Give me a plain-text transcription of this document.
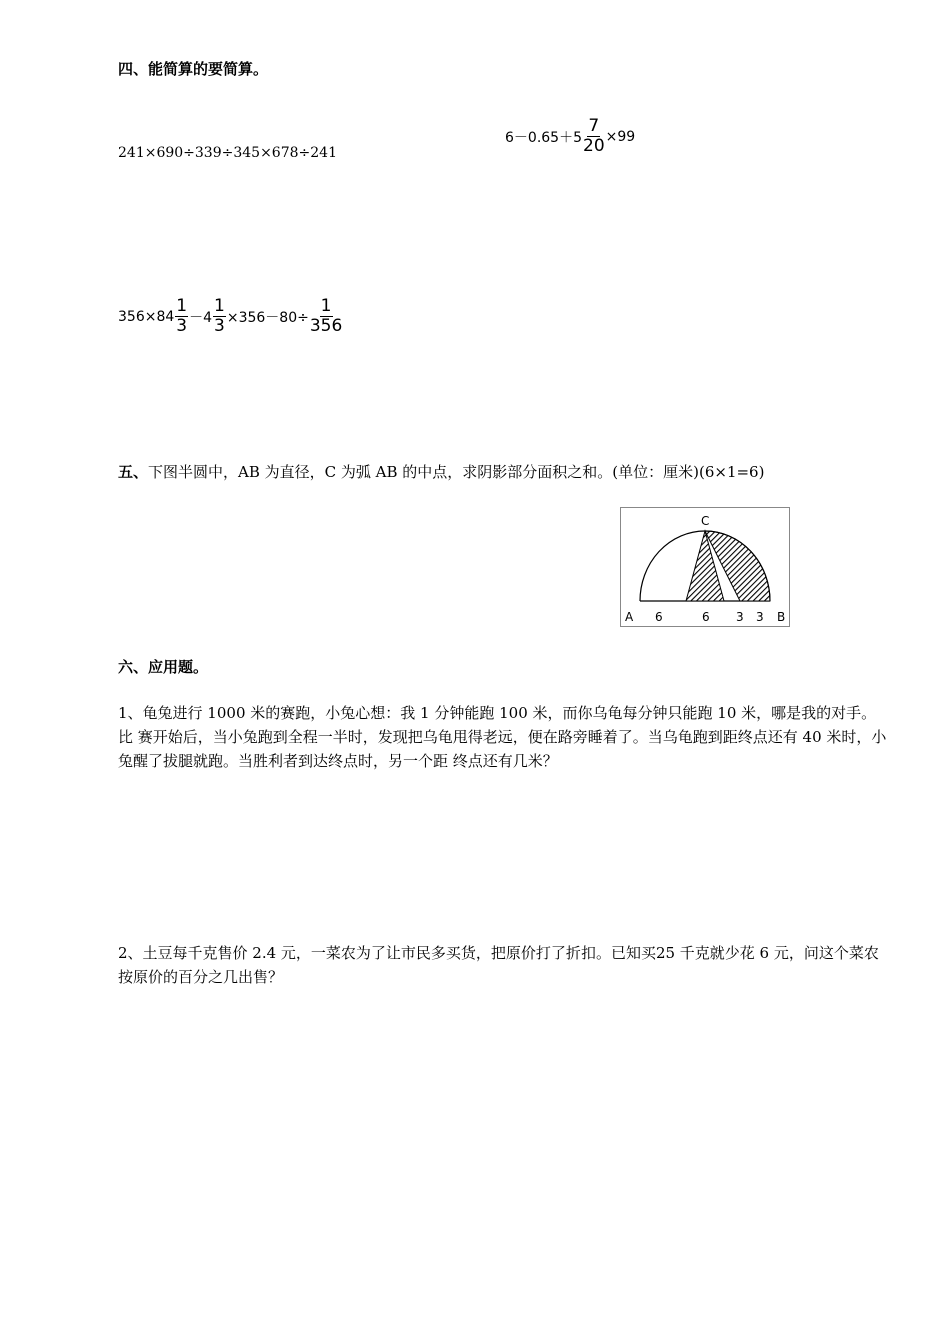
四、能简算的要简算。
241×690÷339÷345×678÷241
$6-0.65+5 \frac{7}{20} \times 99$
$356\times 84 \frac{1}{3} -4 \frac{1}{3} \times 356-80\div \frac{1}{356}$
五、下图半圆中，AB 为直径，C 为弧 AB 的中点，求阴影部分面积之和。(单位：厘米)(6×1=6)
C
A 6	6 3 3 B
六、应用题。
1、龟兔进行 1000 米的赛跑，小兔心想：我 1 分钟能跑 100 米，而你乌龟每分钟只能跑 10 米，哪是我的对手。比 赛开始后，当小兔跑到全程一半时，发现把乌龟甩得老远，便在路旁睡着了。当乌龟跑到距终点还有 40 米时，小兔醒了拔腿就跑。当胜利者到达终点时，另一个距 终点还有几米？
2、土豆每千克售价 2.4 元，一菜农为了让市民多买货，把原价打了折扣。已知买25 千克就少花 6 元，问这个菜农按原价的百分之几出售？
